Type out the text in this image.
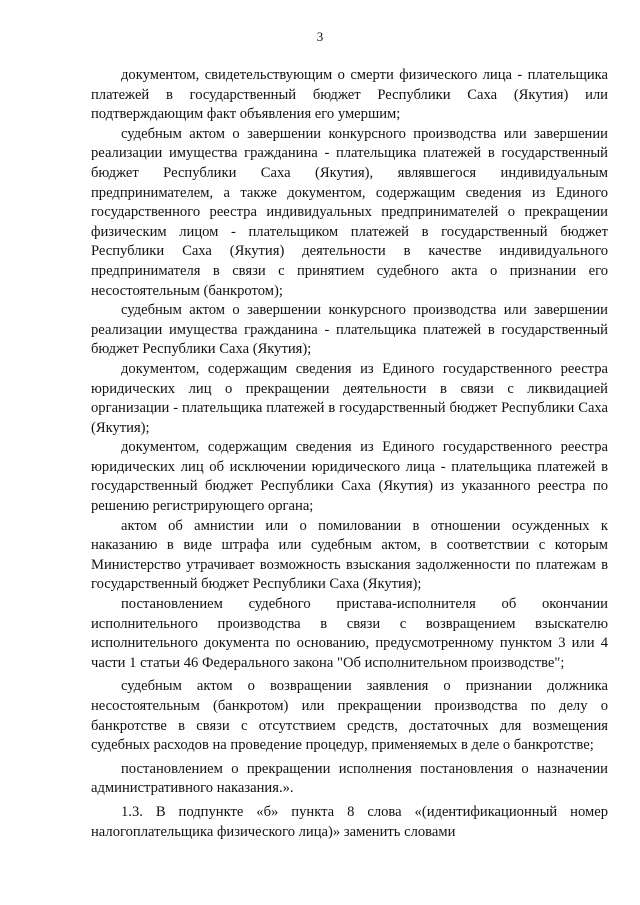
3

документом, свидетельствующим о смерти физического лица - плательщика платежей в государственный бюджет Республики Саха (Якутия) или подтверждающим факт объявления его умершим;

судебным актом о завершении конкурсного производства или завершении реализации имущества гражданина - плательщика платежей в государственный бюджет Республики Саха (Якутия), являвшегося индивидуальным предпринимателем, а также документом, содержащим сведения из Единого государственного реестра индивидуальных предпринимателей о прекращении физическим лицом - плательщиком платежей в государственный бюджет Республики Саха (Якутия) деятельности в качестве индивидуального предпринимателя в связи с принятием судебного акта о признании его несостоятельным (банкротом);

судебным актом о завершении конкурсного производства или завершении реализации имущества гражданина - плательщика платежей в государственный бюджет Республики Саха (Якутия);

документом, содержащим сведения из Единого государственного реестра юридических лиц о прекращении деятельности в связи с ликвидацией организации - плательщика платежей в государственный бюджет Республики Саха (Якутия);

документом, содержащим сведения из Единого государственного реестра юридических лиц об исключении юридического лица - плательщика платежей в государственный бюджет Республики Саха (Якутия) из указанного реестра по решению регистрирующего органа;

актом об амнистии или о помиловании в отношении осужденных к наказанию в виде штрафа или судебным актом, в соответствии с которым Министерство утрачивает возможность взыскания задолженности по платежам в государственный бюджет Республики Саха (Якутия);

постановлением судебного пристава-исполнителя об окончании исполнительного производства в связи с возвращением взыскателю исполнительного документа по основанию, предусмотренному пунктом 3 или 4 части 1 статьи 46 Федерального закона "Об исполнительном производстве";

судебным актом о возвращении заявления о признании должника несостоятельным (банкротом) или прекращении производства по делу о банкротстве в связи с отсутствием средств, достаточных для возмещения судебных расходов на проведение процедур, применяемых в деле о банкротстве;

постановлением о прекращении исполнения постановления о назначении административного наказания.».

1.3. В подпункте «б» пункта 8 слова «(идентификационный номер налогоплательщика физического лица)» заменить словами
